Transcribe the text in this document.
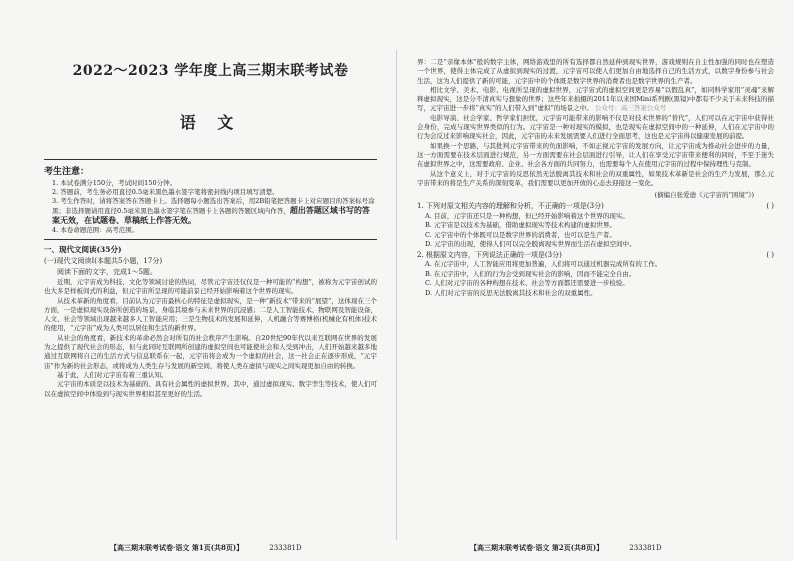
2022～2023 学年度上高三期末联考试卷
语 文

考生注意：

1. 本试卷满分150分，考试时间150分钟。

2. 答题前，考生务必用直径0.5毫米黑色墨水签字笔将密封线内项目填写清楚。

3. 考生作答时，请将答案答在答题卡上。选择题每小题选出答案后，用2B铅笔把答题卡上对应题目的答案标号涂黑；非选择题请用直径0.5毫米黑色墨水签字笔在答题卡上各题的答题区域内作答，超出答题区域书写的答案无效，在试题卷、草稿纸上作答无效。

4. 本卷命题范围：高考范围。

一、现代文阅读(35分)

(一)现代文阅读Ⅰ(本题共5小题，17分)

阅读下面的文字，完成1～5题。

近期，元宇宙成为科技、文化等领域讨论的热词，尽管元宇宙还仅仅是一种可能的“构想”，被称为元宇宙创试的也大多是样板间式的利益，但元宇宙所呈现的可能前景已经开始影响着这个世界的现实。

从技术革新的角度看，目前认为元宇宙最核心的特征是虚拟现实，是一种“新技术”带来的“展望”，这体现在三个方面，一是虚拟现实设备所创造的场景，身临其境参与未来世界的沉浸感；二是人工智能技术、物联网及智能设备，人文、社会等领域出现越来越多人工智能应用；三是生物技术的发展和延伸，人机融合等赛博格(机械化有机体)技术的使用，“元宇宙”成为人类可以居住和生活的新世界。

从社会的角度看，新技术的革命必然会对所有的社会秩序产生影响。自20世纪90年代以来互联网在世界的发展为之提供了现代社会的形态，但与此同时互联网所创建的虚拟空间也可能使社会和人受到冲击，人们开始越来越多地通过互联网将自己的生活方式与信息联系在一起，元宇宙将会成为一个虚拟的社会，这一社会正在逐步形成，“元宇宙”作为新的社会形态，或将成为人类生存与发展的新空间，将使人类在虚拟与现实之间实现更加自由的转换。

基于此，人们对元宇宙有着三重认知。

元宇宙的本质是以技术为基础的、具有社会属性的虚拟世界。其中，通过虚拟现实、数字孪生等技术，使人们可以在虚拟空间中体验到与现实世界相似甚至更好的生活。

界：二是“亲缘本体”般的数字主体，网络游戏里的所有选择都自然延伸到现实世界，游戏规则在自主性加强的同时也在塑造一个世界，使得主体完成了从虚拟到现实的过渡，元宇宙可以使人们更加自由地选择自己的生活方式，以数字身份参与社会生活，这为人们提供了新的可能，元宇宙中的个体既是数字世界的消费者也是数字世界的生产者。

相比文学、美术、电影、电视所呈现的虚拟世界，元宇宙式的虚拟空间更是容易“以假乱真”，如同科学家用“灵魂”来解释虚拟现实，这是分不清真实与想象的世界；这些年来拍摄的2011年以来国Mini系列剧(黑镜)中都有不少关于未来科技的描写，元宇宙进一步将“真实”的人们带入到“虚拟”的场景之中。 公众号：高三答案公众号

电影导演、社会学家、哲学家们担忧，元宇宙可能带来的影响不仅是对技术世界的“替代”，人们可以在元宇宙中获得社会身份，完成与现实世界类似的行为。元宇宙是一种对现实的模拟，也是现实在虚拟空间中的一种延伸，人们在元宇宙中的行为会反过来影响现实社会，因此，元宇宙的未来发展需要人们进行全面思考，这也是元宇宙得以健康发展的前提。

如果换一个思路，与其批判元宇宙带来的负面影响，不如正视元宇宙的发展方向，让元宇宙成为推动社会进步的力量，这一方面需要在技术层面进行规范，另一方面需要在社会层面进行引导，让人们在享受元宇宙带来便利的同时，不至于迷失在虚拟世界之中，这需要政府、企业、社会各方面的共同努力，也需要每个人在使用元宇宙的过程中保持理性与克制。

从这个意义上，对于元宇宙的反思依然无法脱离其技术和社会的双重属性，如果技术革新是社会的生产力发展，那么元宇宙带来的将是生产关系的深刻变革，我们需要以更加开放的心态去迎接这一变化。

(摘编自张爱德《元宇宙的“困境”》)

1. 下列对原文相关内容的理解和分析，不正确的一项是(3分)	( )

A. 目前，元宇宙还只是一种构想，但已经开始影响着这个世界的现实。

B. 元宇宙是以技术为基础，借助虚拟现实等技术构建的虚拟世界。

C. 元宇宙中的个体既可以是数字世界的消费者，也可以是生产者。

D. 元宇宙的出现，使得人们可以完全脱离现实世界而生活在虚拟空间中。

2. 根据原文内容，下列说法正确的一项是(3分)	( )

A. 在元宇宙中，人工智能应用将更加普遍，人们将可以通过机器完成所有的工作。

B. 在元宇宙中，人们的行为会受到现实社会的影响，因而不能完全自由。

C. 人们对元宇宙的各种构想在技术、社会等方面都还需要进一步检验。

D. 人们对元宇宙的反思无法脱离其技术和社会的双重属性。

【高三期末联考试卷·语文 第1页(共8页)】	233381D	【高三期末联考试卷·语文 第2页(共8页)】	233381D
